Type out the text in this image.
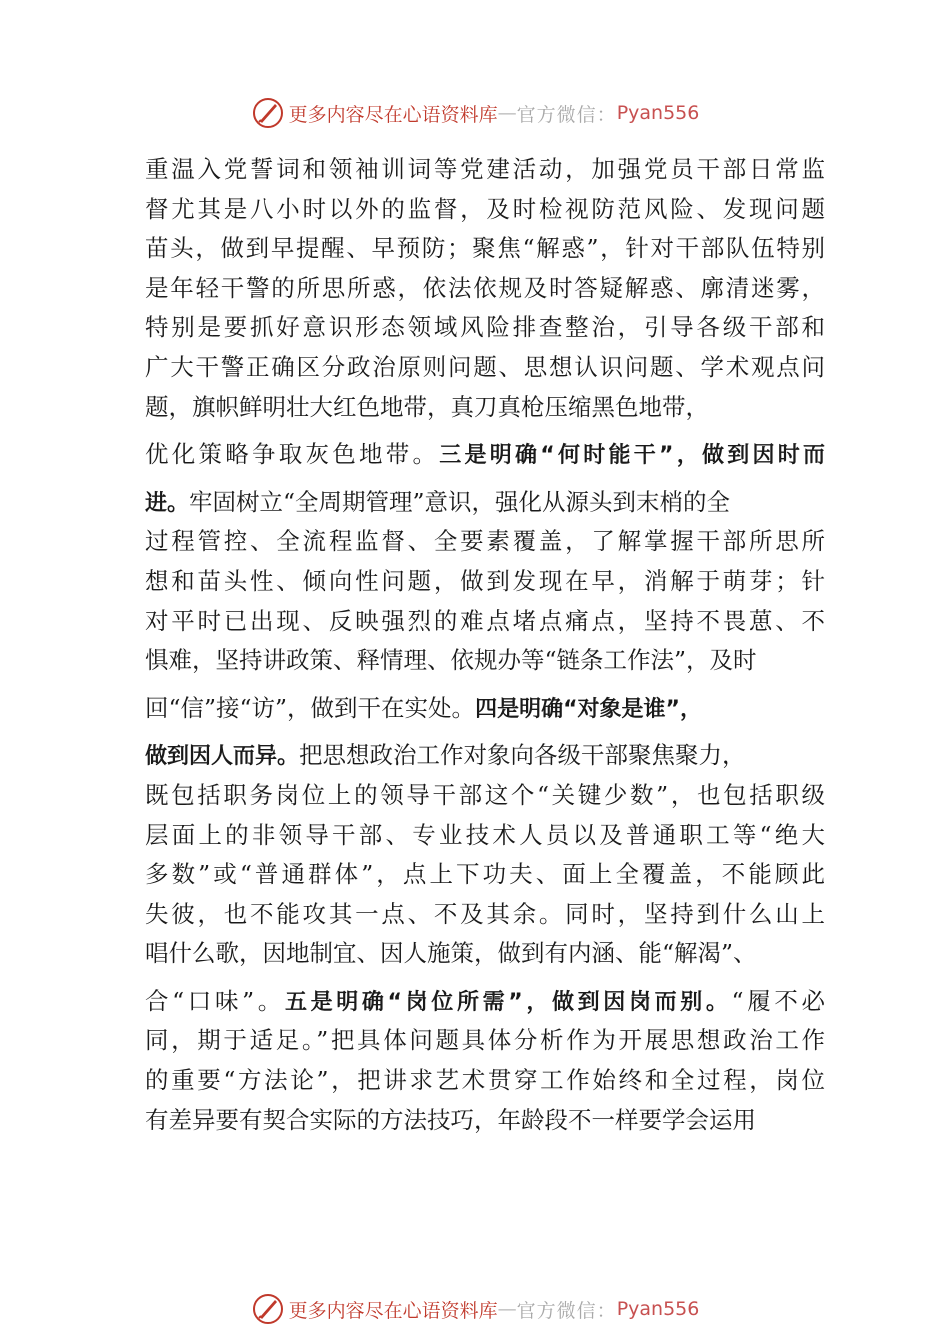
更多内容尽在心语资料库 — 官方微信： Pyan556
重温入党誓词和领袖训词等党建活动，加强党员干部日常监
督尤其是八小时以外的监督，及时检视防范风险、发现问题
苗头，做到早提醒、早预防；聚焦“解惑”，针对干部队伍特别
是年轻干警的所思所惑，依法依规及时答疑解惑、廓清迷雾，
特别是要抓好意识形态领域风险排查整治，引导各级干部和
广大干警正确区分政治原则问题、思想认识问题、学术观点问
题，旗帜鲜明壮大红色地带，真刀真枪压缩黑色地带，
优化策略争取灰色地带。三是明确“何时能干”，做到因时而
进。牢固树立“全周期管理”意识，强化从源头到末梢的全
过程管控、全流程监督、全要素覆盖，了解掌握干部所思所
想和苗头性、倾向性问题，做到发现在早，消解于萌芽；针
对平时已出现、反映强烈的难点堵点痛点，坚持不畏葸、不
惧难，坚持讲政策、释情理、依规办等“链条工作法”，及时
回“信”接“访”，做到干在实处。四是明确“对象是谁”，
做到因人而异。把思想政治工作对象向各级干部聚焦聚力，
既包括职务岗位上的领导干部这个“关键少数”，也包括职级
层面上的非领导干部、专业技术人员以及普通职工等“绝大
多数”或“普通群体”，点上下功夫、面上全覆盖，不能顾此
失彼，也不能攻其一点、不及其余。同时，坚持到什么山上
唱什么歌，因地制宜、因人施策，做到有内涵、能“解渴”、
合“口味”。五是明确“岗位所需”，做到因岗而别。“履不必
同，期于适足。”把具体问题具体分析作为开展思想政治工作
的重要“方法论”，把讲求艺术贯穿工作始终和全过程，岗位
有差异要有契合实际的方法技巧，年龄段不一样要学会运用
更多内容尽在心语资料库 — 官方微信： Pyan556
